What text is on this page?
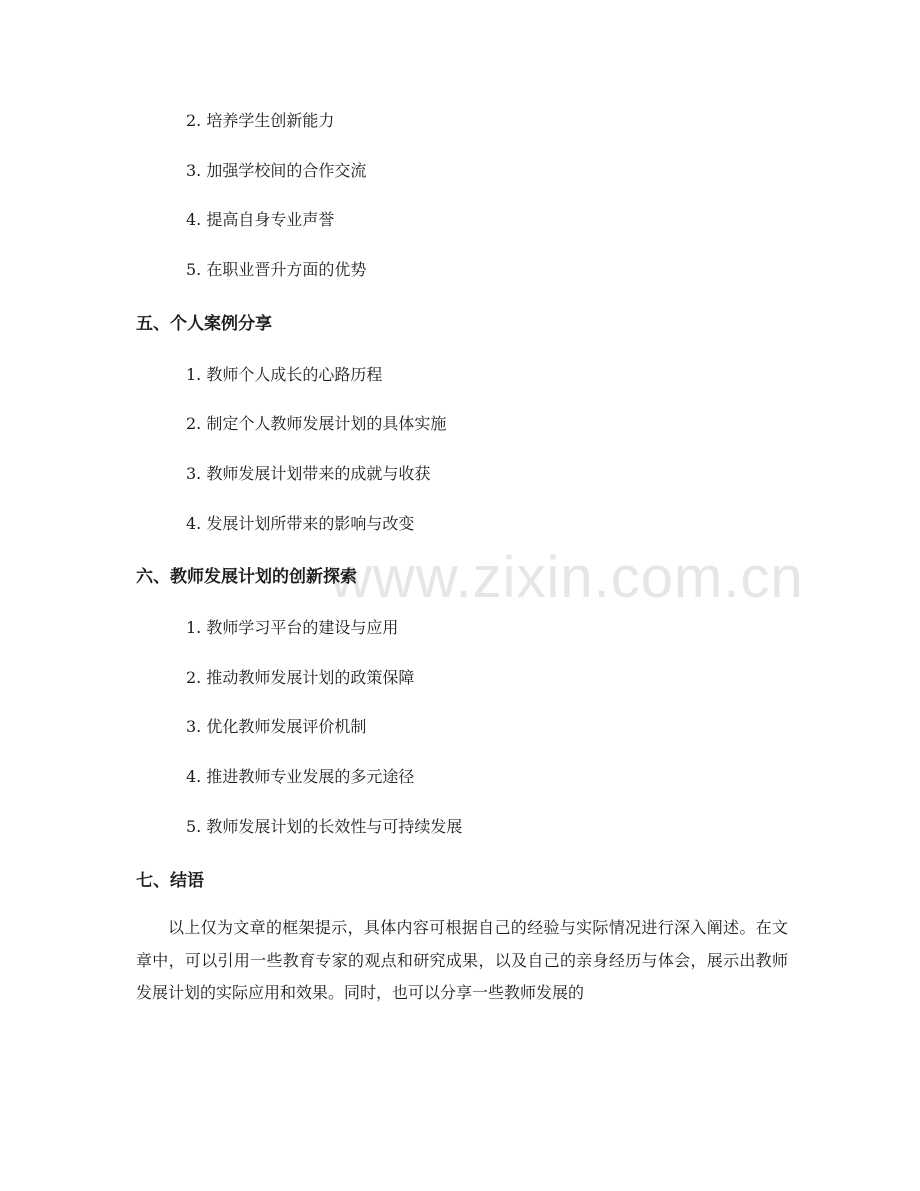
www.zixin.com.cn
2. 培养学生创新能力
3. 加强学校间的合作交流
4. 提高自身专业声誉
5. 在职业晋升方面的优势
五、个人案例分享
1. 教师个人成长的心路历程
2. 制定个人教师发展计划的具体实施
3. 教师发展计划带来的成就与收获
4. 发展计划所带来的影响与改变
六、教师发展计划的创新探索
1. 教师学习平台的建设与应用
2. 推动教师发展计划的政策保障
3. 优化教师发展评价机制
4. 推进教师专业发展的多元途径
5. 教师发展计划的长效性与可持续发展
七、结语
以上仅为文章的框架提示，具体内容可根据自己的经验与实际情况进行深入阐述。在文章中，可以引用一些教育专家的观点和研究成果，以及自己的亲身经历与体会，展示出教师发展计划的实际应用和效果。同时，也可以分享一些教师发展的
